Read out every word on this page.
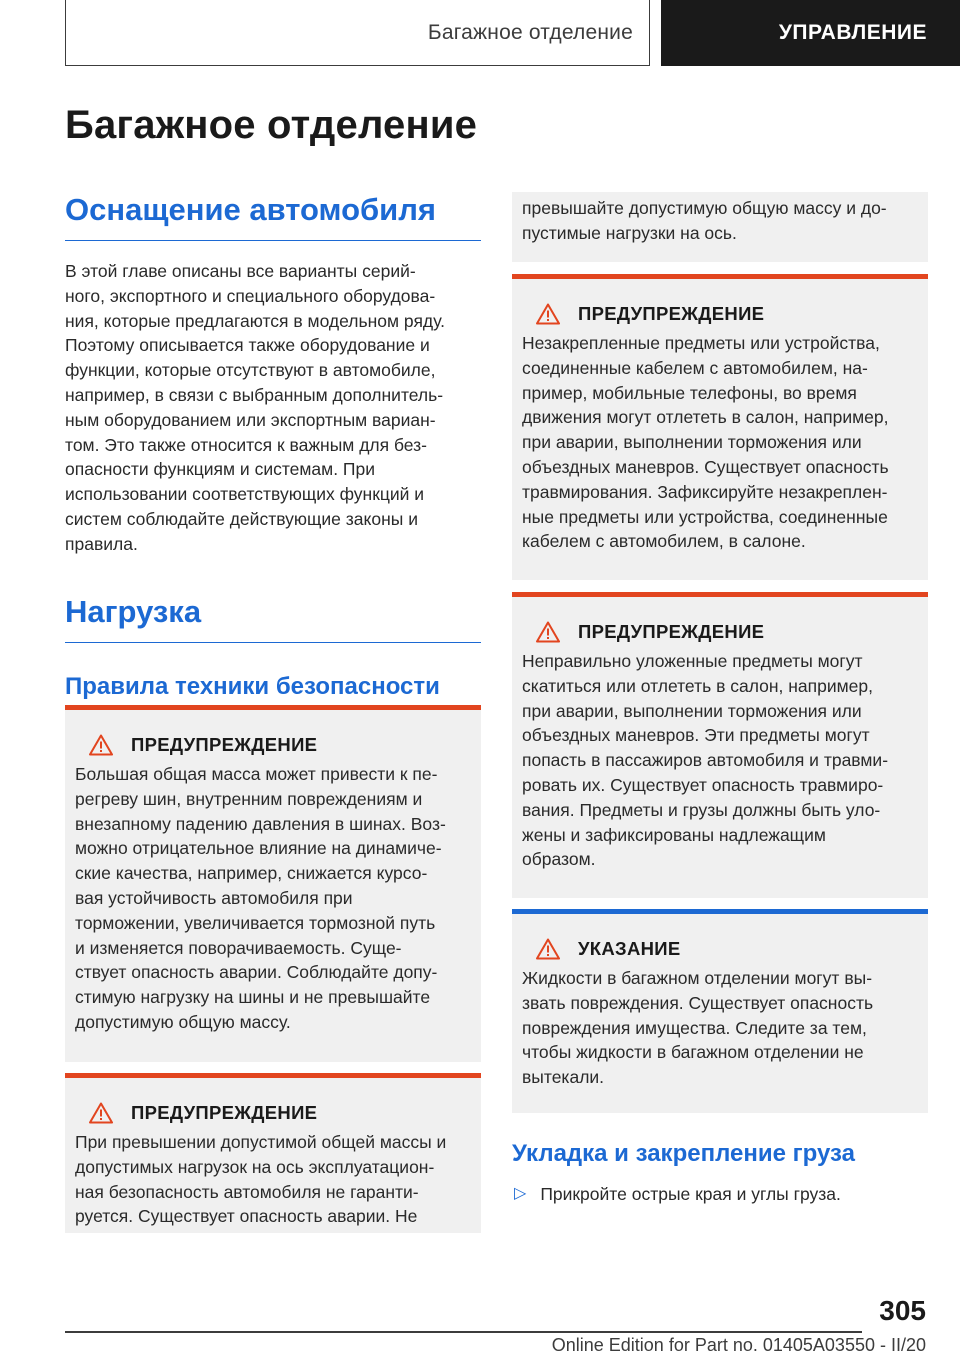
Багажное отделение	УПРАВЛЕНИЕ
Багажное отделение
Оснащение автомобиля
В этой главе описаны все варианты серий-
ного, экспортного и специального оборудова-
ния, которые предлагаются в модельном ряду.
Поэтому описывается также оборудование и
функции, которые отсутствуют в автомобиле,
например, в связи с выбранным дополнитель-
ным оборудованием или экспортным вариан-
том. Это также относится к важным для без-
опасности функциям и системам. При
использовании соответствующих функций и
систем соблюдайте действующие законы и
правила.
Нагрузка
Правила техники безопасности
ПРЕДУПРЕЖДЕНИЕ
Большая общая масса может привести к пе-
регреву шин, внутренним повреждениям и
внезапному падению давления в шинах. Воз-
можно отрицательное влияние на динамиче-
ские качества, например, снижается курсо-
вая устойчивость автомобиля при
торможении, увеличивается тормозной путь
и изменяется поворачиваемость. Суще-
ствует опасность аварии. Соблюдайте допу-
стимую нагрузку на шины и не превышайте
допустимую общую массу.
ПРЕДУПРЕЖДЕНИЕ
При превышении допустимой общей массы и
допустимых нагрузок на ось эксплуатацион-
ная безопасность автомобиля не гаранти-
руется. Существует опасность аварии. Не
превышайте допустимую общую массу и до-
пустимые нагрузки на ось.
ПРЕДУПРЕЖДЕНИЕ
Незакрепленные предметы или устройства,
соединенные кабелем с автомобилем, на-
пример, мобильные телефоны, во время
движения могут отлететь в салон, например,
при аварии, выполнении торможения или
объездных маневров. Существует опасность
травмирования. Зафиксируйте незакреплен-
ные предметы или устройства, соединенные
кабелем с автомобилем, в салоне.
ПРЕДУПРЕЖДЕНИЕ
Неправильно уложенные предметы могут
скатиться или отлететь в салон, например,
при аварии, выполнении торможения или
объездных маневров. Эти предметы могут
попасть в пассажиров автомобиля и травми-
ровать их. Существует опасность травмиро-
вания. Предметы и грузы должны быть уло-
жены и зафиксированы надлежащим
образом.
УКАЗАНИЕ
Жидкости в багажном отделении могут вы-
звать повреждения. Существует опасность
повреждения имущества. Следите за тем,
чтобы жидкости в багажном отделении не
вытекали.
Укладка и закрепление груза
▷ Прикройте острые края и углы груза.
305
Online Edition for Part no. 01405A03550 - II/20
